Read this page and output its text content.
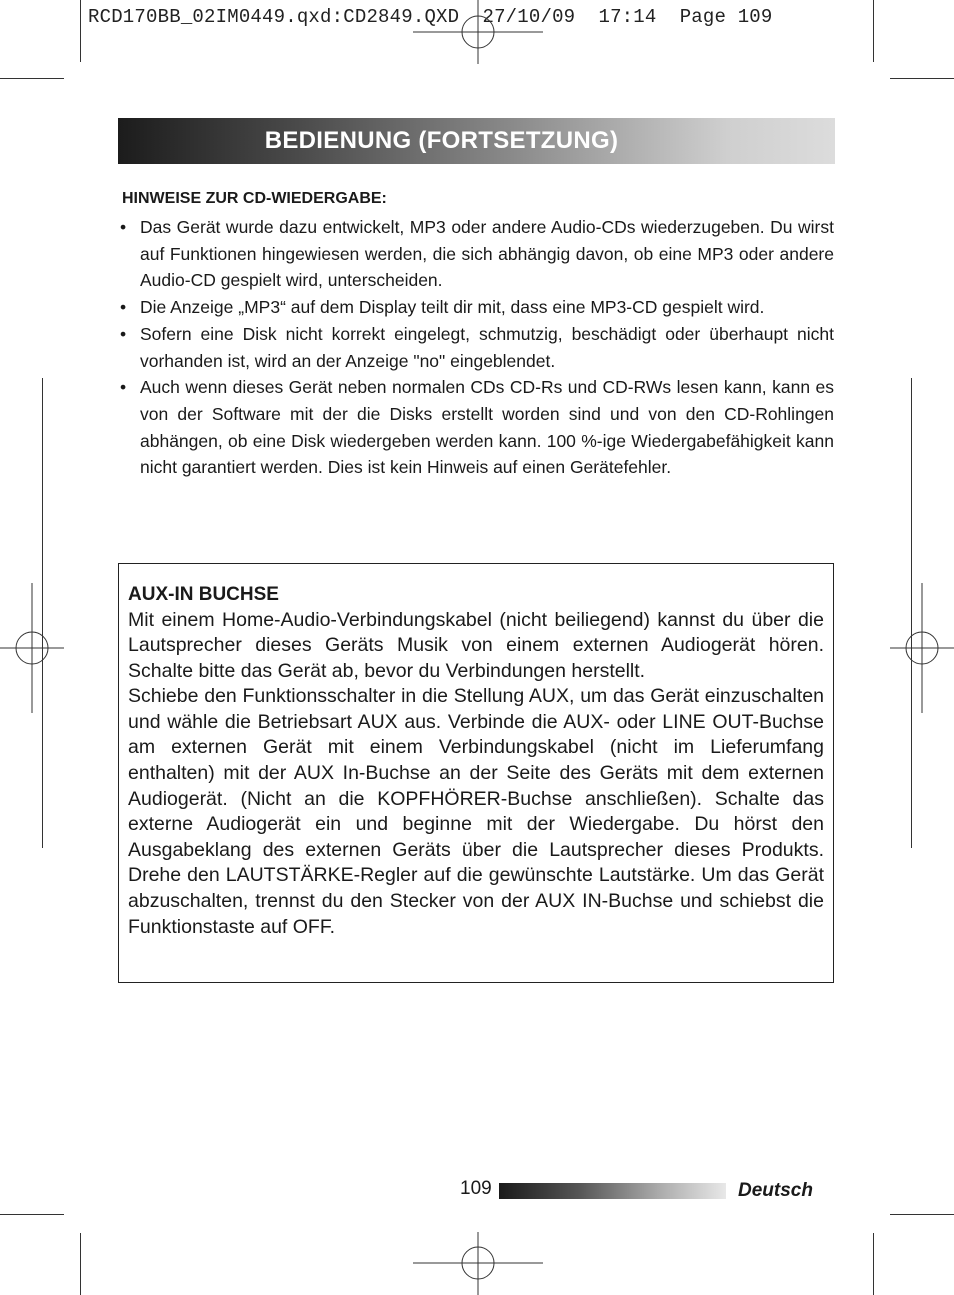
RCD170BB_02IM0449.qxd:CD2849.QXD  27/10/09  17:14  Page 109
BEDIENUNG (FORTSETZUNG)
HINWEISE ZUR CD-WIEDERGABE:
• Das Gerät wurde dazu entwickelt, MP3 oder andere Audio-CDs wiederzugeben. Du wirst auf Funktionen hingewiesen werden, die sich abhängig davon, ob eine MP3 oder andere Audio-CD gespielt wird, unterscheiden.
• Die Anzeige „MP3“ auf dem Display teilt dir mit, dass eine MP3-CD gespielt wird.
• Sofern eine Disk nicht korrekt eingelegt, schmutzig, beschädigt oder überhaupt nicht vorhanden ist, wird an der Anzeige "no" eingeblendet.
• Auch wenn dieses Gerät neben normalen CDs CD-Rs und CD-RWs lesen kann, kann es von der Software mit der die Disks erstellt worden sind und von den CD-Rohlingen abhängen, ob eine Disk wiedergeben werden kann. 100 %-ige Wiedergabefähigkeit kann nicht garantiert werden. Dies ist kein Hinweis auf einen Gerätefehler.
AUX-IN BUCHSE

Mit einem Home-Audio-Verbindungskabel (nicht beiliegend) kannst du über die Lautsprecher dieses Geräts Musik von einem externen Audiogerät hören. Schalte bitte das Gerät ab, bevor du Verbindungen herstellt.

Schiebe den Funktionsschalter in die Stellung AUX, um das Gerät einzuschalten und wähle die Betriebsart AUX aus. Verbinde die AUX- oder LINE OUT-Buchse am externen Gerät mit einem Verbindungskabel (nicht im Lieferumfang enthalten) mit der AUX In-Buchse an der Seite des Geräts mit dem externen Audiogerät. (Nicht an die KOPFHÖRER-Buchse anschließen). Schalte das externe Audiogerät ein und beginne mit der Wiedergabe. Du hörst den Ausgabeklang des externen Geräts über die Lautsprecher dieses Produkts. Drehe den LAUTSTÄRKE-Regler auf die gewünschte Lautstärke. Um das Gerät abzuschalten, trennst du den Stecker von der AUX IN-Buchse und schiebst die Funktionstaste auf OFF.

109	Deutsch
